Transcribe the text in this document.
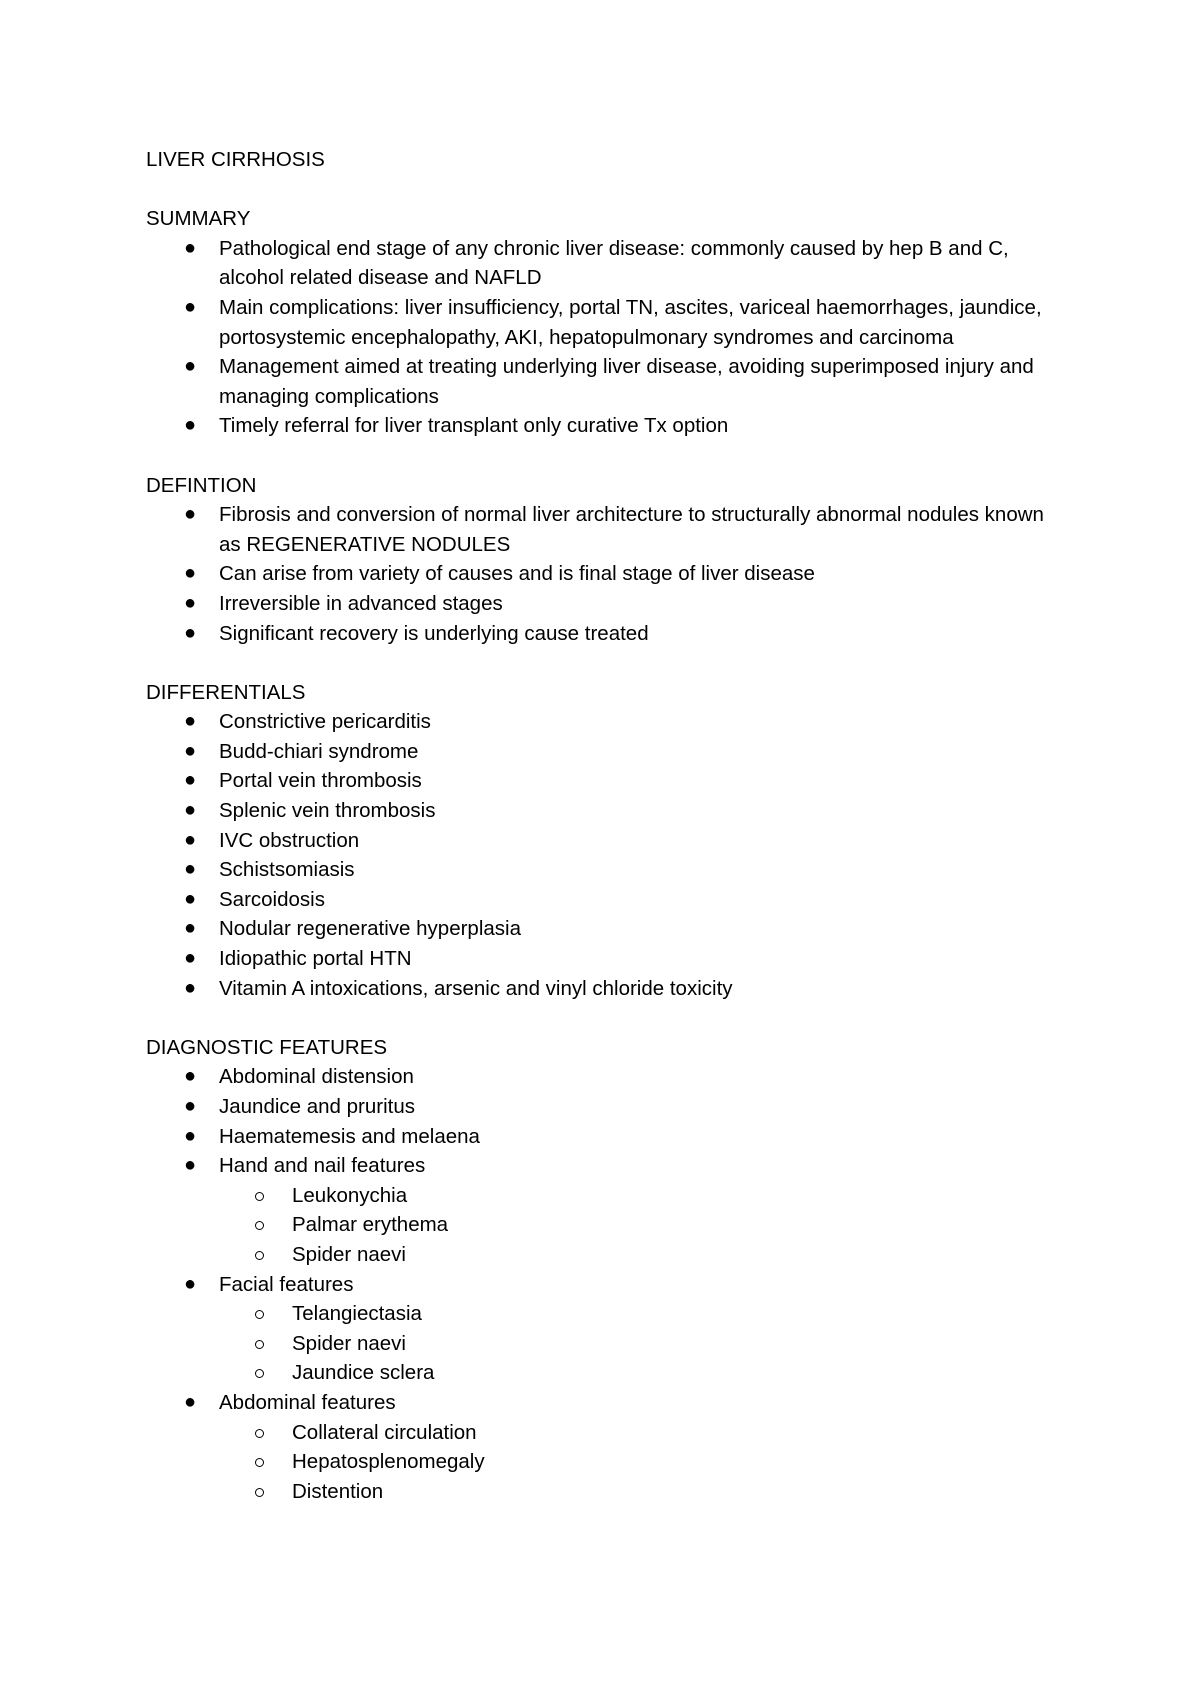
LIVER CIRRHOSIS
SUMMARY
● Pathological end stage of any chronic liver disease: commonly caused by hep B and C, alcohol related disease and NAFLD
● Main complications: liver insufficiency, portal TN, ascites, variceal haemorrhages, jaundice, portosystemic encephalopathy, AKI, hepatopulmonary syndromes and carcinoma
● Management aimed at treating underlying liver disease, avoiding superimposed injury and managing complications
● Timely referral for liver transplant only curative Tx option
DEFINTION
● Fibrosis and conversion of normal liver architecture to structurally abnormal nodules known as REGENERATIVE NODULES
● Can arise from variety of causes and is final stage of liver disease
● Irreversible in advanced stages
● Significant recovery is underlying cause treated
DIFFERENTIALS
● Constrictive pericarditis
● Budd-chiari syndrome
● Portal vein thrombosis
● Splenic vein thrombosis
● IVC obstruction
● Schistsomiasis
● Sarcoidosis
● Nodular regenerative hyperplasia
● Idiopathic portal HTN
● Vitamin A intoxications, arsenic and vinyl chloride toxicity
DIAGNOSTIC FEATURES
● Abdominal distension
● Jaundice and pruritus
● Haematemesis and melaena
● Hand and nail features
Leukonychia
Palmar erythema
Spider naevi
● Facial features
Telangiectasia
Spider naevi
Jaundice sclera
● Abdominal features
Collateral circulation
Hepatosplenomegaly
Distention
